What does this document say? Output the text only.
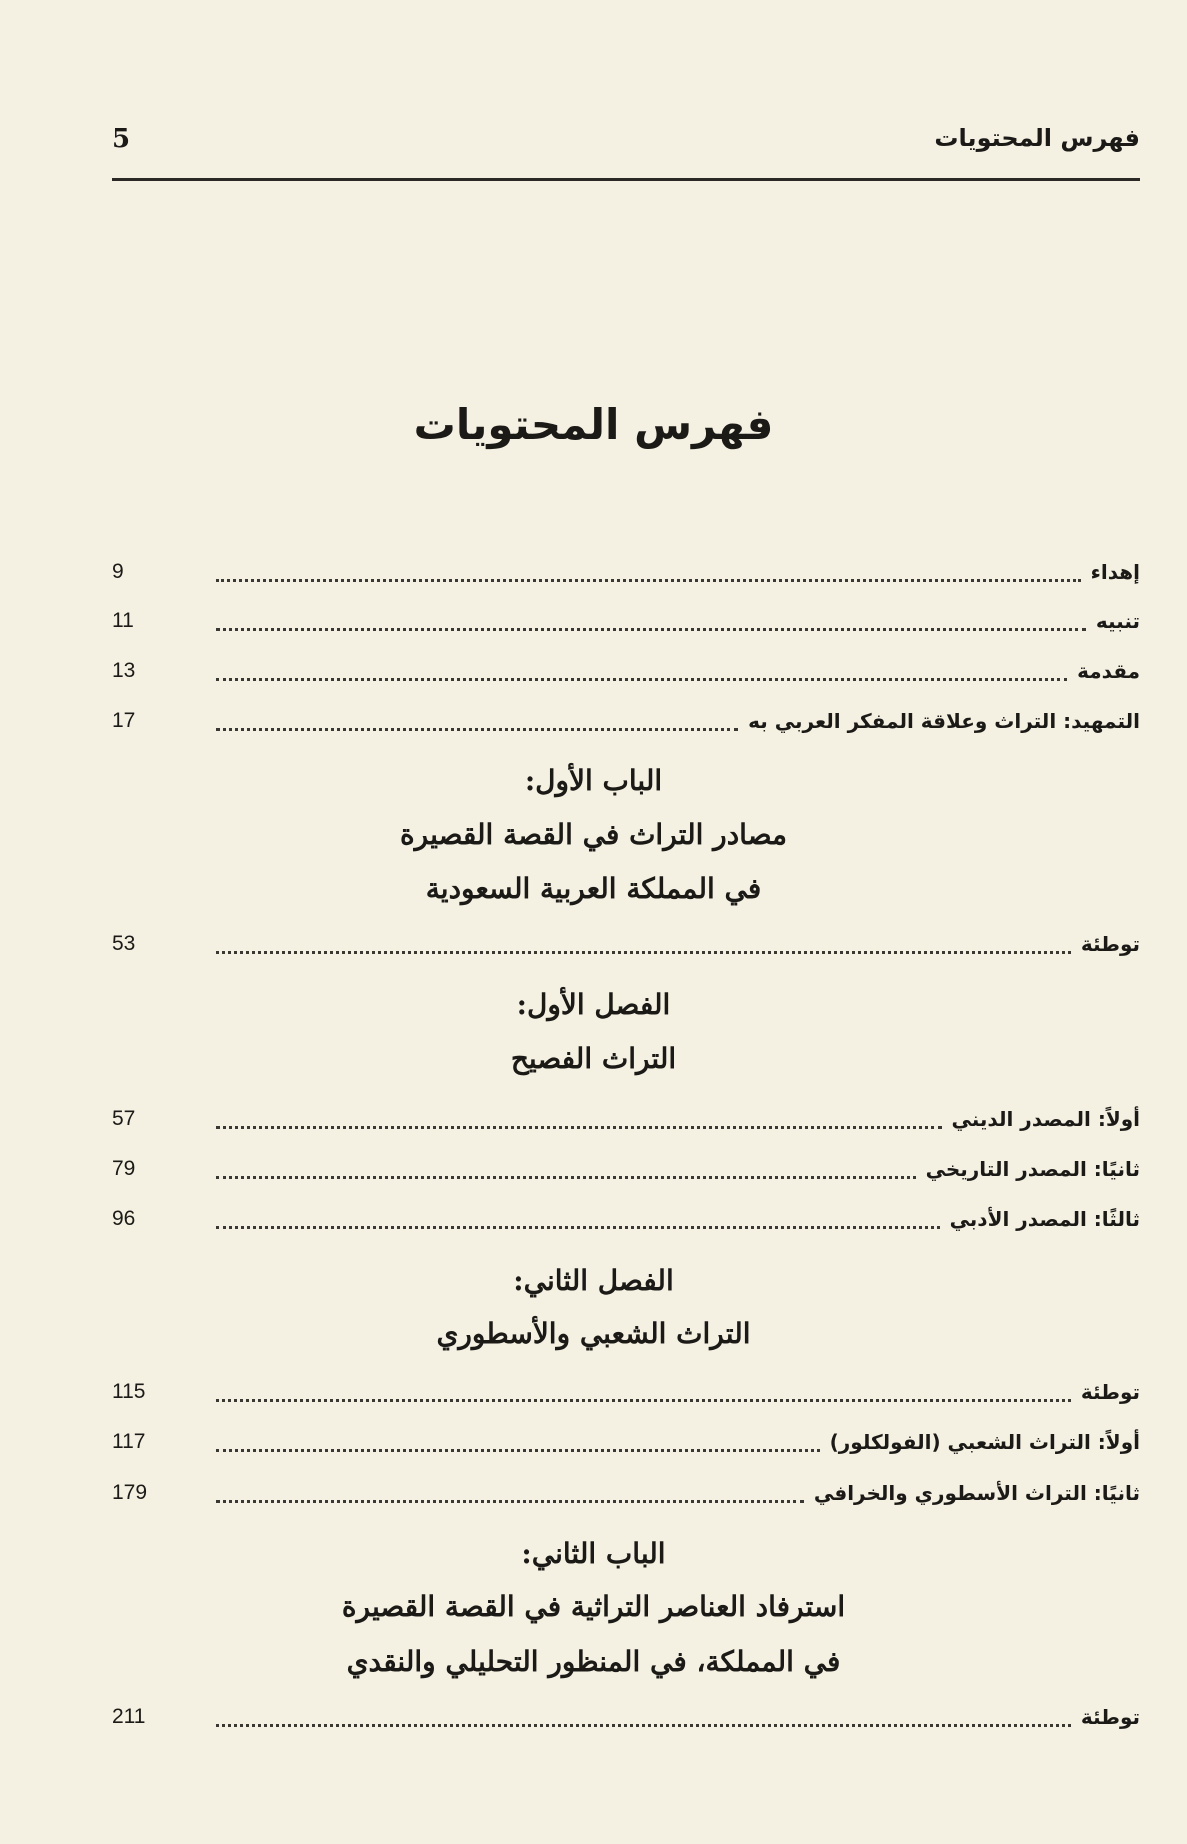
فهرس المحتويات
5
فهرس المحتويات
إهداء
9
تنبيه
11
مقدمة
13
التمهيد: التراث وعلاقة المفكر العربي به
17
الباب الأول:
مصادر التراث في القصة القصيرة
في المملكة العربية السعودية
توطئة
53
الفصل الأول:
التراث الفصيح
أولاً: المصدر الديني
57
ثانيًا: المصدر التاريخي
79
ثالثًا: المصدر الأدبي
96
الفصل الثاني:
التراث الشعبي والأسطوري
توطئة
115
أولاً: التراث الشعبي (الفولكلور)
117
ثانيًا: التراث الأسطوري والخرافي
179
الباب الثاني:
استرفاد العناصر التراثية في القصة القصيرة
في المملكة، في المنظور التحليلي والنقدي
توطئة
211
